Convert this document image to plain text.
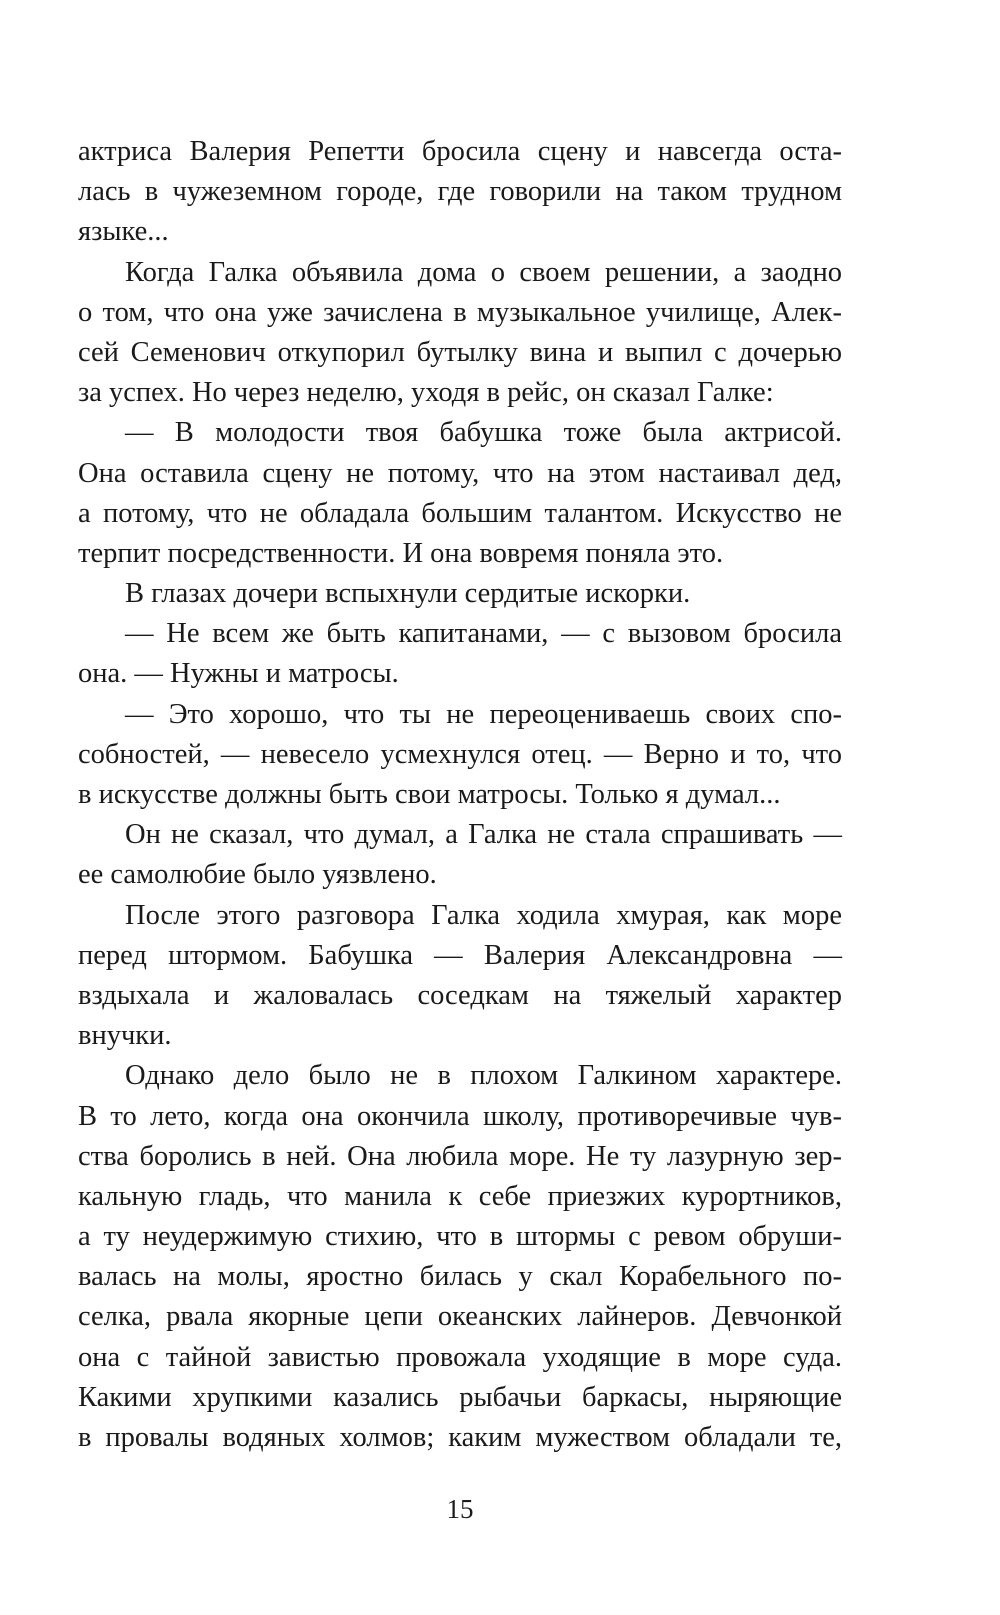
актриса Валерия Репетти бросила сцену и навсегда оста-
лась в чужеземном городе, где говорили на таком трудном
языке...
Когда Галка объявила дома о своем решении, а заодно
о том, что она уже зачислена в музыкальное училище, Алек-
сей Семенович откупорил бутылку вина и выпил с дочерью
за успех. Но через неделю, уходя в рейс, он сказал Галке:
— В молодости твоя бабушка тоже была актрисой.
Она оставила сцену не потому, что на этом настаивал дед,
а потому, что не обладала большим талантом. Искусство не
терпит посредственности. И она вовремя поняла это.
В глазах дочери вспыхнули сердитые искорки.
— Не всем же быть капитанами, — с вызовом бросила
она. — Нужны и матросы.
— Это хорошо, что ты не переоцениваешь своих спо-
собностей, — невесело усмехнулся отец. — Верно и то, что
в искусстве должны быть свои матросы. Только я думал...
Он не сказал, что думал, а Галка не стала спрашивать —
ее самолюбие было уязвлено.
После этого разговора Галка ходила хмурая, как море
перед штормом. Бабушка — Валерия Александровна —
вздыхала и жаловалась соседкам на тяжелый характер
внучки.
Однако дело было не в плохом Галкином характере.
В то лето, когда она окончила школу, противоречивые чув-
ства боролись в ней. Она любила море. Не ту лазурную зер-
кальную гладь, что манила к себе приезжих курортников,
а ту неудержимую стихию, что в штормы с ревом обруши-
валась на молы, яростно билась у скал Корабельного по-
селка, рвала якорные цепи океанских лайнеров. Девчонкой
она с тайной завистью провожала уходящие в море суда.
Какими хрупкими казались рыбачьи баркасы, ныряющие
в провалы водяных холмов; каким мужеством обладали те,
15
